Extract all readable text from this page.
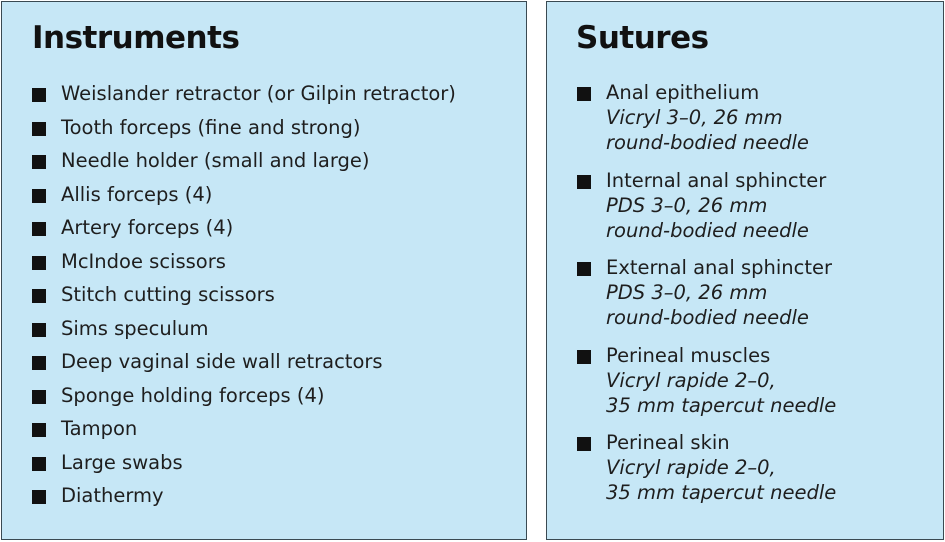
Instruments
Weislander retractor (or Gilpin retractor)
Tooth forceps (fine and strong)
Needle holder (small and large)
Allis forceps (4)
Artery forceps (4)
McIndoe scissors
Stitch cutting scissors
Sims speculum
Deep vaginal side wall retractors
Sponge holding forceps (4)
Tampon
Large swabs
Diathermy
Sutures
Anal epithelium
Vicryl 3–0, 26 mm
round-bodied needle
Internal anal sphincter
PDS 3–0, 26 mm
round-bodied needle
External anal sphincter
PDS 3–0, 26 mm
round-bodied needle
Perineal muscles
Vicryl rapide 2–0,
35 mm tapercut needle
Perineal skin
Vicryl rapide 2–0,
35 mm tapercut needle
